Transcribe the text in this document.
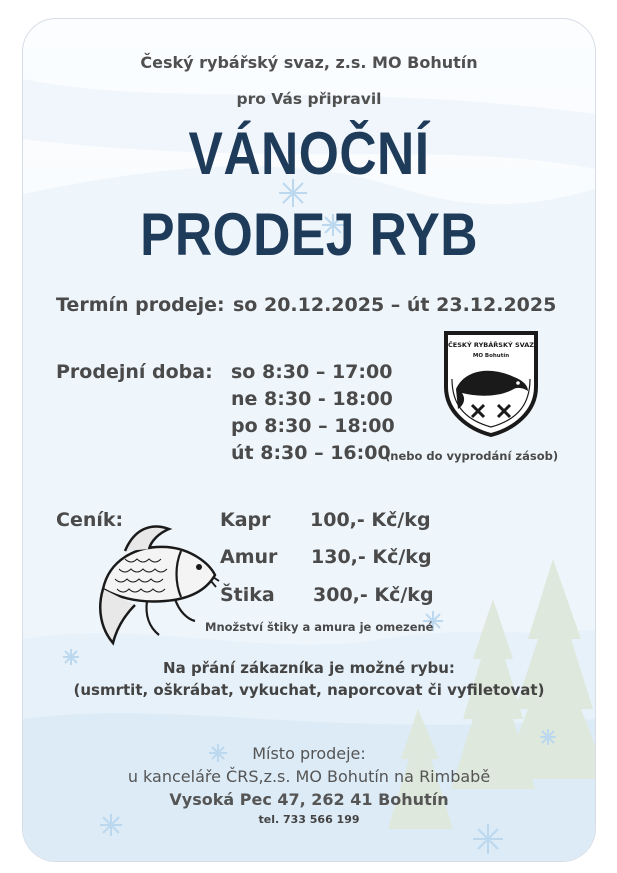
Český rybářský svaz, z.s. MO Bohutín
pro Vás připravil
VÁNOČNÍ
PRODEJ RYB
Termín prodeje: so 20.12.2025 – út 23.12.2025
Prodejní doba: so 8:30 – 17:00
ne 8:30 - 18:00
po 8:30 – 18:00
út 8:30 – 16:00
(nebo do vyprodání zásob)
ČESKÝ RYBÁŘSKÝ SVAZ
MO Bohutín
Ceník:	Kapr 100,- Kč/kg
Amur 130,- Kč/kg
Štika 300,- Kč/kg
Množství štiky a amura je omezené
Na přání zákazníka je možné rybu:
(usmrtit, oškrábat, vykuchat, naporcovat či vyfiletovat)
Místo prodeje:
u kanceláře ČRS,z.s. MO Bohutín na Rimbabě
Vysoká Pec 47, 262 41 Bohutín
tel. 733 566 199
